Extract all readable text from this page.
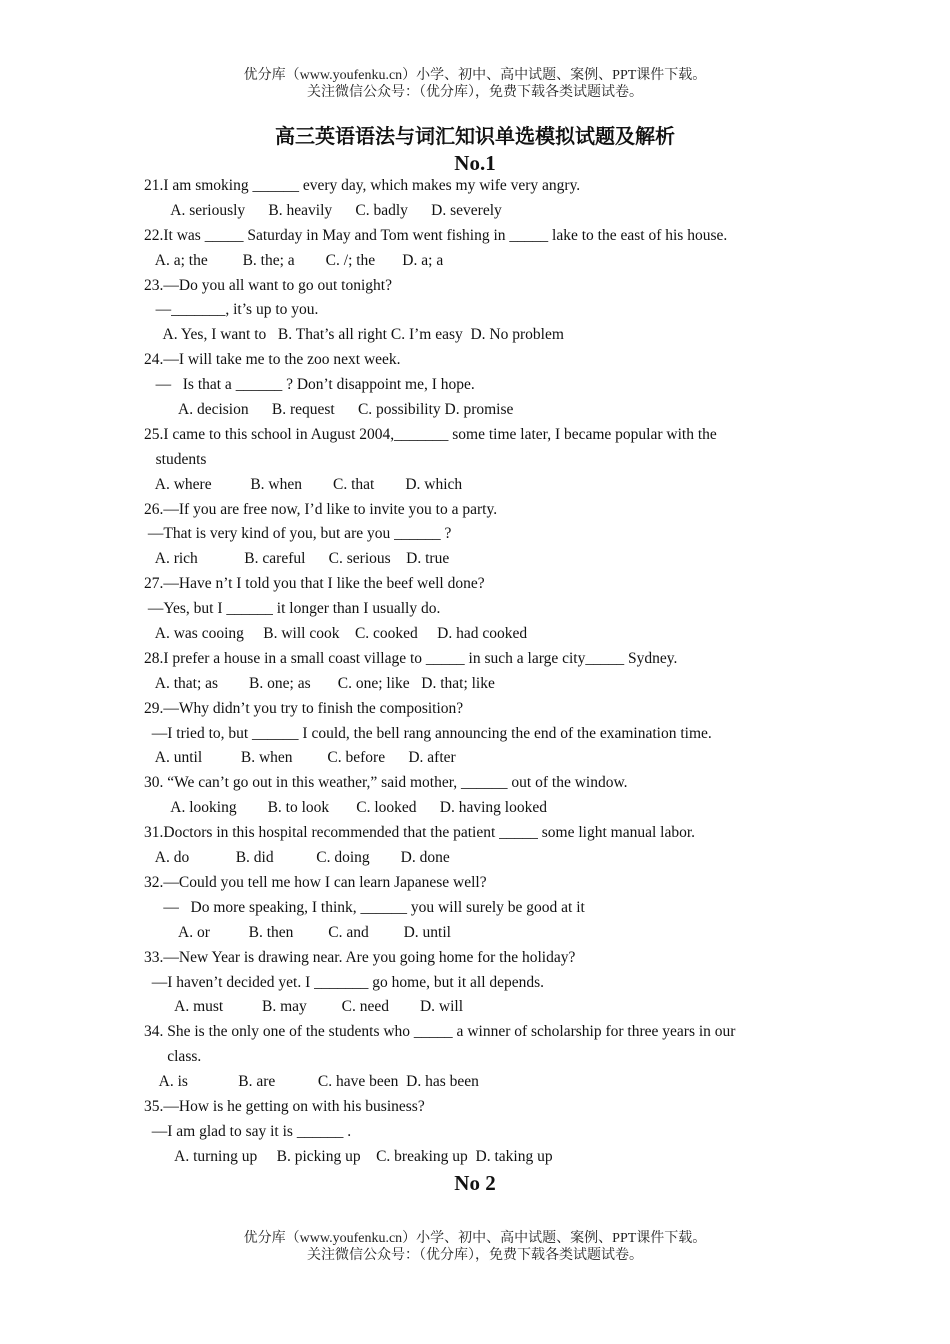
优分库（www.youfenku.cn）小学、初中、高中试题、案例、PPT课件下载。
关注微信公众号：（优分库），免费下载各类试题试卷。
高三英语语法与词汇知识单选模拟试题及解析
No.1
21.I am smoking ______ every day, which makes my wife very angry.
A. seriously      B. heavily      C. badly      D. severely
22.It was _____ Saturday in May and Tom went fishing in _____ lake to the east of his house.
A. a; the         B. the; a        C. /; the       D. a; a
23.—Do you all want to go out tonight?
—_______, it’s up to you.
A. Yes, I want to   B. That’s all right C. I’m easy  D. No problem
24.—I will take me to the zoo next week.
—   Is that a ______ ? Don’t disappoint me, I hope.
A. decision      B. request      C. possibility D. promise
25.I came to this school in August 2004,_______ some time later, I became popular with the
students
A. where          B. when        C. that        D. which
26.—If you are free now, I’d like to invite you to a party.
—That is very kind of you, but are you ______ ?
A. rich            B. careful      C. serious    D. true
27.—Have n’t I told you that I like the beef well done?
—Yes, but I ______ it longer than I usually do.
A. was cooing     B. will cook    C. cooked     D. had cooked
28.I prefer a house in a small coast village to _____ in such a large city_____ Sydney.
A. that; as        B. one; as       C. one; like   D. that; like
29.—Why didn’t you try to finish the composition?
—I tried to, but ______ I could, the bell rang announcing the end of the examination time.
A. until          B. when         C. before      D. after
30. “We can’t go out in this weather,” said mother, ______ out of the window.
A. looking        B. to look       C. looked      D. having looked
31.Doctors in this hospital recommended that the patient _____ some light manual labor.
A. do            B. did           C. doing        D. done
32.—Could you tell me how I can learn Japanese well?
—   Do more speaking, I think, ______ you will surely be good at it
A. or          B. then         C. and         D. until
33.—New Year is drawing near. Are you going home for the holiday?
—I haven’t decided yet. I _______ go home, but it all depends.
A. must          B. may         C. need        D. will
34. She is the only one of the students who _____ a winner of scholarship for three years in our
class.
A. is             B. are           C. have been  D. has been
35.—How is he getting on with his business?
—I am glad to say it is ______ .
A. turning up     B. picking up    C. breaking up  D. taking up
No 2
优分库（www.youfenku.cn）小学、初中、高中试题、案例、PPT课件下载。
关注微信公众号：（优分库），免费下载各类试题试卷。
